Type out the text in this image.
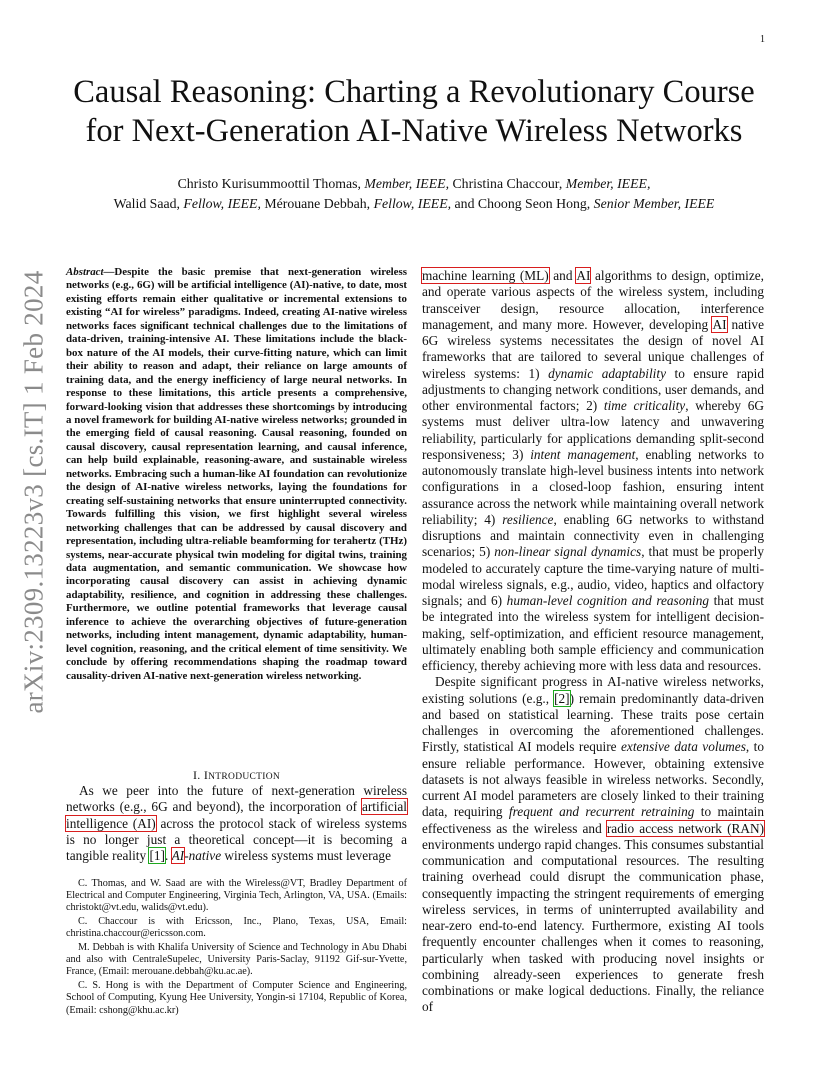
1
arXiv:2309.13223v3 [cs.IT] 1 Feb 2024
Causal Reasoning: Charting a Revolutionary Course
for Next-Generation AI-Native Wireless Networks
Christo Kurisummoottil Thomas, Member, IEEE, Christina Chaccour, Member, IEEE,
Walid Saad, Fellow, IEEE, Mérouane Debbah, Fellow, IEEE, and Choong Seon Hong, Senior Member, IEEE
Abstract—Despite the basic premise that next-generation wireless networks (e.g., 6G) will be artificial intelligence (AI)-native, to date, most existing efforts remain either qualitative or incremental extensions to existing “AI for wireless” paradigms. Indeed, creating AI-native wireless networks faces significant technical challenges due to the limitations of data-driven, training-intensive AI. These limitations include the black-box nature of the AI models, their curve-fitting nature, which can limit their ability to reason and adapt, their reliance on large amounts of training data, and the energy inefficiency of large neural networks. In response to these limitations, this article presents a comprehensive, forward-looking vision that addresses these shortcomings by introducing a novel framework for building AI-native wireless networks; grounded in the emerging field of causal reasoning. Causal reasoning, founded on causal discovery, causal representation learning, and causal inference, can help build explainable, reasoning-aware, and sustainable wireless networks. Embracing such a human-like AI foundation can revolutionize the design of AI-native wireless networks, laying the foundations for creating self-sustaining networks that ensure uninterrupted connectivity. Towards fulfilling this vision, we first highlight several wireless networking challenges that can be addressed by causal discovery and representation, including ultra-reliable beamforming for terahertz (THz) systems, near-accurate physical twin modeling for digital twins, training data augmentation, and semantic communication. We showcase how incorporating causal discovery can assist in achieving dynamic adaptability, resilience, and cognition in addressing these challenges. Furthermore, we outline potential frameworks that leverage causal inference to achieve the overarching objectives of future-generation networks, including intent management, dynamic adaptability, human-level cognition, reasoning, and the critical element of time sensitivity. We conclude by offering recommendations shaping the roadmap toward causality-driven AI-native next-generation wireless networking.
I. INTRODUCTION
As we peer into the future of next-generation wireless networks (e.g., 6G and beyond), the incorporation of artificial intelligence (AI) across the protocol stack of wireless systems is no longer just a theoretical concept—it is becoming a tangible reality [1]. AI-native wireless systems must leverage

C. Thomas, and W. Saad are with the Wireless@VT, Bradley Department of Electrical and Computer Engineering, Virginia Tech, Arlington, VA, USA. (Emails: christokt@vt.edu, walids@vt.edu).

C. Chaccour is with Ericsson, Inc., Plano, Texas, USA, Email: christina.chaccour@ericsson.com.

M. Debbah is with Khalifa University of Science and Technology in Abu Dhabi and also with CentraleSupelec, University Paris-Saclay, 91192 Gif-sur-Yvette, France, (Email: merouane.debbah@ku.ac.ae).

C. S. Hong is with the Department of Computer Science and Engineering, School of Computing, Kyung Hee University, Yongin-si 17104, Republic of Korea, (Email: cshong@khu.ac.kr)

machine learning (ML) and AI algorithms to design, optimize, and operate various aspects of the wireless system, including transceiver design, resource allocation, interference management, and many more. However, developing AI native 6G wireless systems necessitates the design of novel AI frameworks that are tailored to several unique challenges of wireless systems: 1) dynamic adaptability to ensure rapid adjustments to changing network conditions, user demands, and other environmental factors; 2) time criticality, whereby 6G systems must deliver ultra-low latency and unwavering reliability, particularly for applications demanding split-second responsiveness; 3) intent management, enabling networks to autonomously translate high-level business intents into network configurations in a closed-loop fashion, ensuring intent assurance across the network while maintaining overall network reliability; 4) resilience, enabling 6G networks to withstand disruptions and maintain connectivity even in challenging scenarios; 5) non-linear signal dynamics, that must be properly modeled to accurately capture the time-varying nature of multi-modal wireless signals, e.g., audio, video, haptics and olfactory signals; and 6) human-level cognition and reasoning that must be integrated into the wireless system for intelligent decision-making, self-optimization, and efficient resource management, ultimately enabling both sample efficiency and communication efficiency, thereby achieving more with less data and resources.

Despite significant progress in AI-native wireless networks, existing solutions (e.g., [2]) remain predominantly data-driven and based on statistical learning. These traits pose certain challenges in overcoming the aforementioned challenges. Firstly, statistical AI models require extensive data volumes, to ensure reliable performance. However, obtaining extensive datasets is not always feasible in wireless networks. Secondly, current AI model parameters are closely linked to their training data, requiring frequent and recurrent retraining to maintain effectiveness as the wireless and radio access network (RAN) environments undergo rapid changes. This consumes substantial communication and computational resources. The resulting training overhead could disrupt the communication phase, consequently impacting the stringent requirements of emerging wireless services, in terms of uninterrupted availability and near-zero end-to-end latency. Furthermore, existing AI tools frequently encounter challenges when it comes to reasoning, particularly when tasked with producing novel insights or combining already-seen experiences to generate fresh combinations or make logical deductions. Finally, the reliance of
